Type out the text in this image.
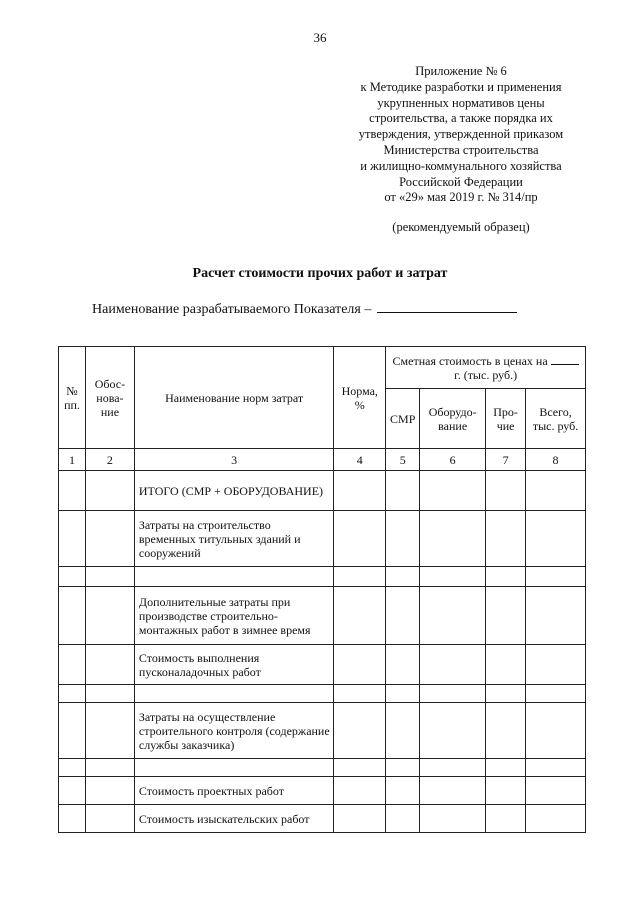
36
Приложение № 6
к Методике разработки и применения
укрупненных нормативов цены
строительства, а также порядка их
утверждения, утвержденной приказом
Министерства строительства
и жилищно-коммунального хозяйства
Российской Федерации
от «29» мая 2019 г. № 314/пр
(рекомендуемый образец)
Расчет стоимости прочих работ и затрат
Наименование разрабатываемого Показателя –
№ пп.	Обос-нова-ние	Наименование норм затрат	Норма, %	Сметная стоимость в ценах на  г. (тыс. руб.)			
				СМР	Оборудо-вание	Про-чие	Всего, тыс. руб.
1	2	3	4	5	6	7	8
		ИТОГО (СМР + ОБОРУДОВАНИЕ)					
		Затраты на строительство временных титульных зданий и сооружений					

		Дополнительные затраты при производстве строительно-монтажных работ в зимнее время					
		Стоимость выполнения пусконаладочных работ					

		Затраты на осуществление строительного контроля (содержание службы заказчика)					

		Стоимость проектных работ					
		Стоимость изыскательских работ					
